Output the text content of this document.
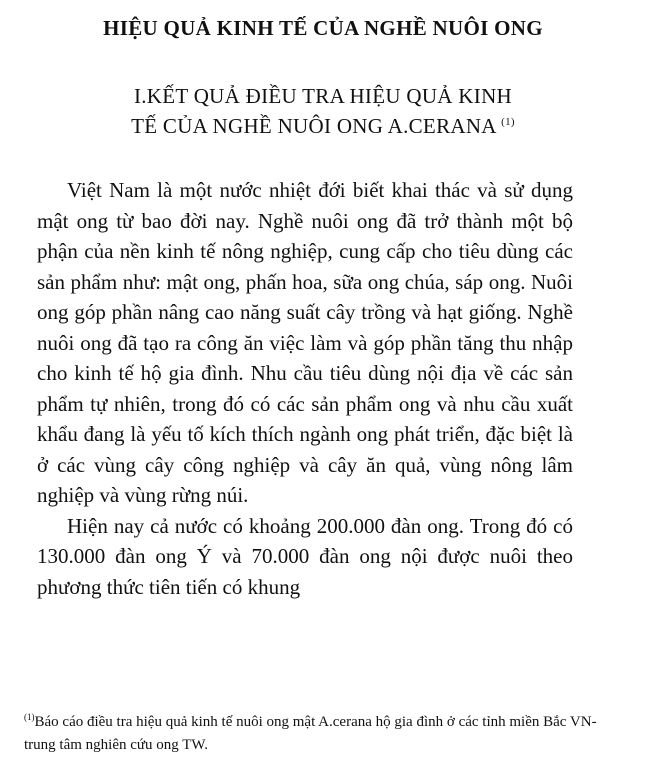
HIỆU QUẢ KINH TẾ CỦA NGHỀ NUÔI ONG
I.KẾT QUẢ ĐIỀU TRA HIỆU QUẢ KINH
TẾ CỦA NGHỀ NUÔI ONG A.CERANA $^{(1)}$

Việt Nam là một nước nhiệt đới biết khai thác và sử dụng mật ong từ bao đời nay. Nghề nuôi ong đã trở thành một bộ phận của nền kinh tế nông nghiệp, cung cấp cho tiêu dùng các sản phẩm như: mật ong, phấn hoa, sữa ong chúa, sáp ong. Nuôi ong góp phần nâng cao năng suất cây trồng và hạt giống. Nghề nuôi ong đã tạo ra công ăn việc làm và góp phần tăng thu nhập cho kinh tế hộ gia đình. Nhu cầu tiêu dùng nội địa về các sản phẩm tự nhiên, trong đó có các sản phẩm ong và nhu cầu xuất khẩu đang là yếu tố kích thích ngành ong phát triển, đặc biệt là ở các vùng cây công nghiệp và cây ăn quả, vùng nông lâm nghiệp và vùng rừng núi.

Hiện nay cả nước có khoảng 200.000 đàn ong. Trong đó có 130.000 đàn ong Ý và 70.000 đàn ong nội được nuôi theo phương thức tiên tiến có khung

$^{(1)}$Báo cáo điều tra hiệu quả kinh tế nuôi ong mật A.cerana hộ gia đình ở các tỉnh miền Bắc VN-trung tâm nghiên cứu ong TW.
